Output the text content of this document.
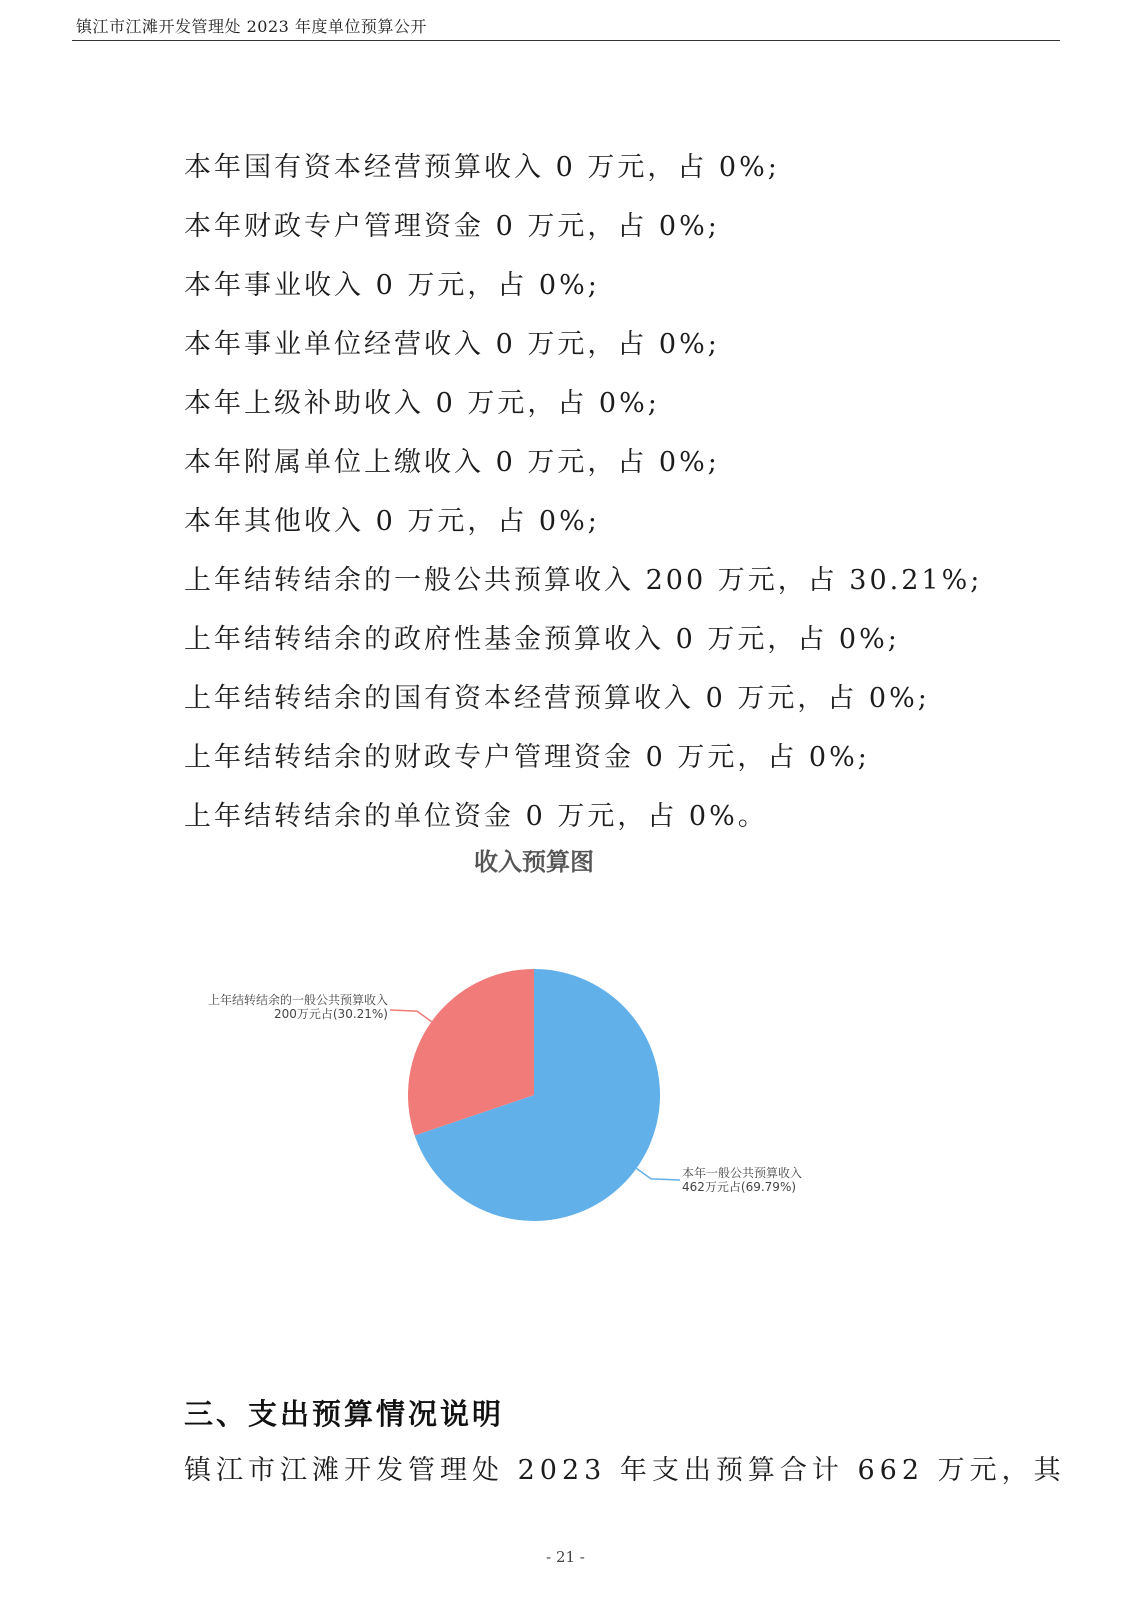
镇江市江滩开发管理处 2023 年度单位预算公开
本年国有资本经营预算收入 0 万元，占 0%;
本年财政专户管理资金 0 万元，占 0%;
本年事业收入 0 万元，占 0%;
本年事业单位经营收入 0 万元，占 0%;
本年上级补助收入 0 万元，占 0%;
本年附属单位上缴收入 0 万元，占 0%;
本年其他收入 0 万元，占 0%;
上年结转结余的一般公共预算收入 200 万元，占 30.21%;
上年结转结余的政府性基金预算收入 0 万元，占 0%;
上年结转结余的国有资本经营预算收入 0 万元，占 0%;
上年结转结余的财政专户管理资金 0 万元，占 0%;
上年结转结余的单位资金 0 万元，占 0%。
收入预算图
上年结转结余的一般公共预算收入
200万元占(30.21%)
本年一般公共预算收入
462万元占(69.79%)
三、支出预算情况说明
镇江市江滩开发管理处 2023 年支出预算合计 662 万元，其
- 21 -
